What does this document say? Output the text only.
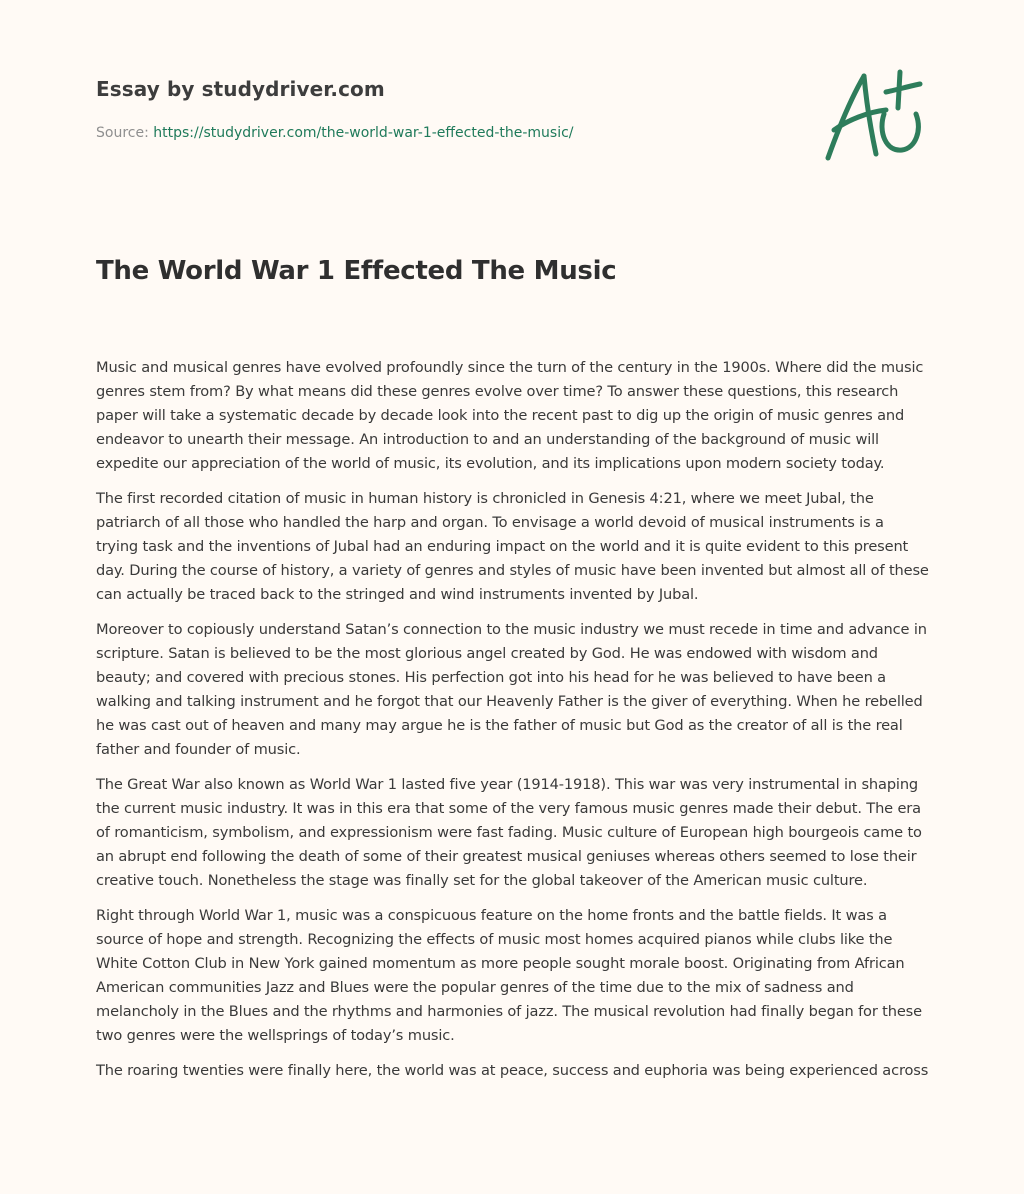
Essay by studydriver.com
Source: https://studydriver.com/the-world-war-1-effected-the-music/
The World War 1 Effected The Music

Music and musical genres have evolved profoundly since the turn of the century in the 1900s. Where did the music genres stem from? By what means did these genres evolve over time? To answer these questions, this research paper will take a systematic decade by decade look into the recent past to dig up the origin of music genres and endeavor to unearth their message. An introduction to and an understanding of the background of music will expedite our appreciation of the world of music, its evolution, and its implications upon modern society today.

The first recorded citation of music in human history is chronicled in Genesis 4:21, where we meet Jubal, the patriarch of all those who handled the harp and organ. To envisage a world devoid of musical instruments is a trying task and the inventions of Jubal had an enduring impact on the world and it is quite evident to this present day. During the course of history, a variety of genres and styles of music have been invented but almost all of these can actually be traced back to the stringed and wind instruments invented by Jubal.

Moreover to copiously understand Satan’s connection to the music industry we must recede in time and advance in scripture. Satan is believed to be the most glorious angel created by God. He was endowed with wisdom and beauty; and covered with precious stones. His perfection got into his head for he was believed to have been a walking and talking instrument and he forgot that our Heavenly Father is the giver of everything. When he rebelled he was cast out of heaven and many may argue he is the father of music but God as the creator of all is the real father and founder of music.

The Great War also known as World War 1 lasted five year (1914-1918). This war was very instrumental in shaping the current music industry. It was in this era that some of the very famous music genres made their debut. The era of romanticism, symbolism, and expressionism were fast fading. Music culture of European high bourgeois came to an abrupt end following the death of some of their greatest musical geniuses whereas others seemed to lose their creative touch. Nonetheless the stage was finally set for the global takeover of the American music culture.

Right through World War 1, music was a conspicuous feature on the home fronts and the battle fields. It was a source of hope and strength. Recognizing the effects of music most homes acquired pianos while clubs like the White Cotton Club in New York gained momentum as more people sought morale boost. Originating from African American communities Jazz and Blues were the popular genres of the time due to the mix of sadness and melancholy in the Blues and the rhythms and harmonies of jazz. The musical revolution had finally began for these two genres were the wellsprings of today’s music.

The roaring twenties were finally here, the world was at peace, success and euphoria was being experienced across
